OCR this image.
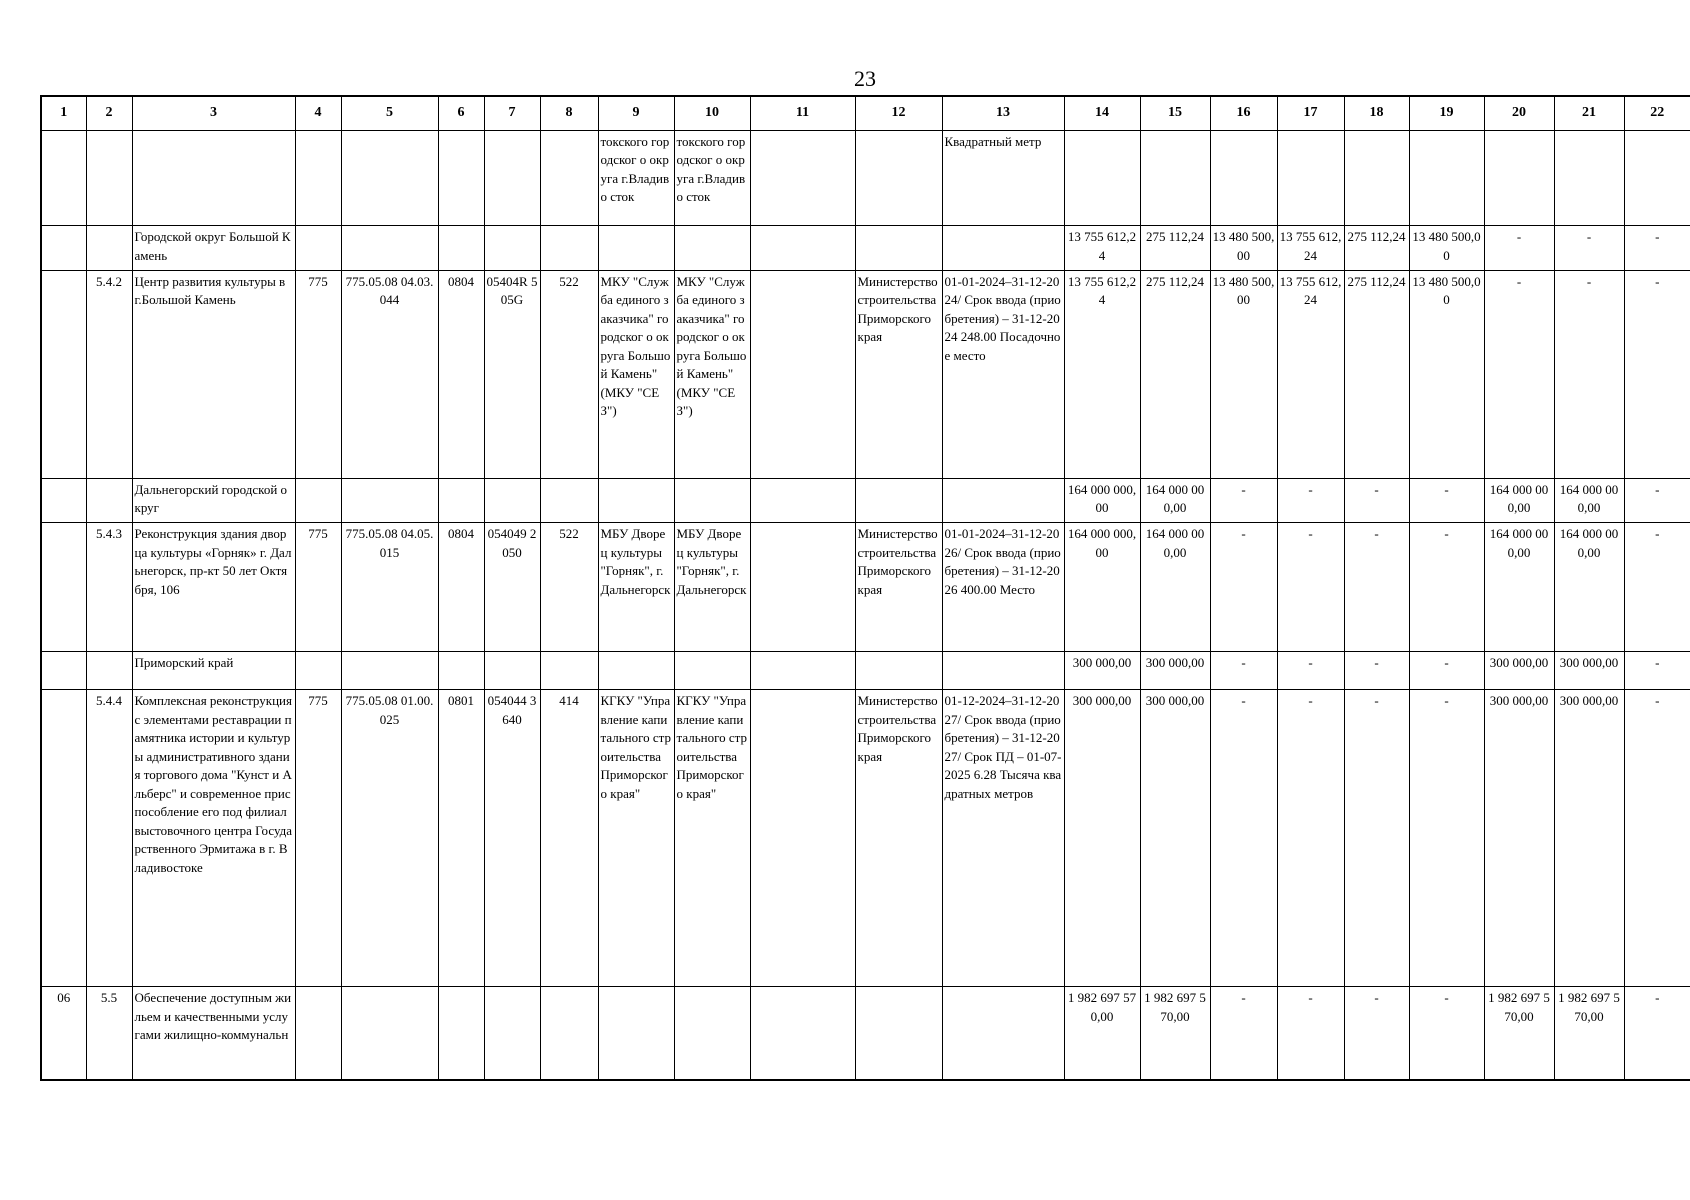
23
1	2	3	4	5	6	7	8	9	10	11	12	13	14	15	16	17	18	19	20	21	22
								токского городског о округа г.Владиво сток	токского городског о округа г.Владиво сток			Квадратный метр									
		Городской округ Большой Камень											13 755 612,24	275 112,24	13 480 500,00	13 755 612,24	275 112,24	13 480 500,00	-	-	-
	5.4.2	Центр развития культуры в г.Большой Камень	775	775.05.08 04.03.044	0804	05404R 505G	522	МКУ "Служба единого заказчика" городског о округа Большой Камень" (МКУ "СЕЗ")	МКУ "Служба единого заказчика" городског о округа Большой Камень" (МКУ "СЕЗ")		Министерство строительства Приморского края	01-01-2024–31-12-2024/ Срок ввода (приобретения) – 31-12-2024 248.00 Посадочное место	13 755 612,24	275 112,24	13 480 500,00	13 755 612,24	275 112,24	13 480 500,00	-	-	-
		Дальнегорский городской округ											164 000 000,00	164 000 000,00	-	-	-	-	164 000 000,00	164 000 000,00	-
	5.4.3	Реконструкция здания дворца культуры «Горняк» г. Дальнегорск, пр-кт 50 лет Октября, 106	775	775.05.08 04.05.015	0804	054049 2050	522	МБУ Дворец культуры "Горняк", г.Дальнегорск	МБУ Дворец культуры "Горняк", г.Дальнегорск		Министерство строительства Приморского края	01-01-2024–31-12-2026/ Срок ввода (приобретения) – 31-12-2026 400.00 Место	164 000 000,00	164 000 000,00	-	-	-	-	164 000 000,00	164 000 000,00	-
		Приморский край											300 000,00	300 000,00	-	-	-	-	300 000,00	300 000,00	-
	5.4.4	Комплексная реконструкция с элементами реставрации памятника истории и культуры административного здания торгового дома "Кунст и Альберс" и современное приспособление его под филиал выстовочного центра Государственного Эрмитажа в г. Владивостоке	775	775.05.08 01.00.025	0801	054044 3640	414	КГКУ "Управление капитального строительства Приморского края"	КГКУ "Управление капитального строительства Приморского края"		Министерство строительства Приморского края	01-12-2024–31-12-2027/ Срок ввода (приобретения) – 31-12-2027/ Срок ПД – 01-07-2025 6.28 Тысяча квадратных метров	300 000,00	300 000,00	-	-	-	-	300 000,00	300 000,00	-
06	5.5	Обеспечение доступным жильем и качественными услугами жилищно-коммунальн											1 982 697 570,00	1 982 697 570,00	-	-	-	-	1 982 697 570,00	1 982 697 570,00	-
